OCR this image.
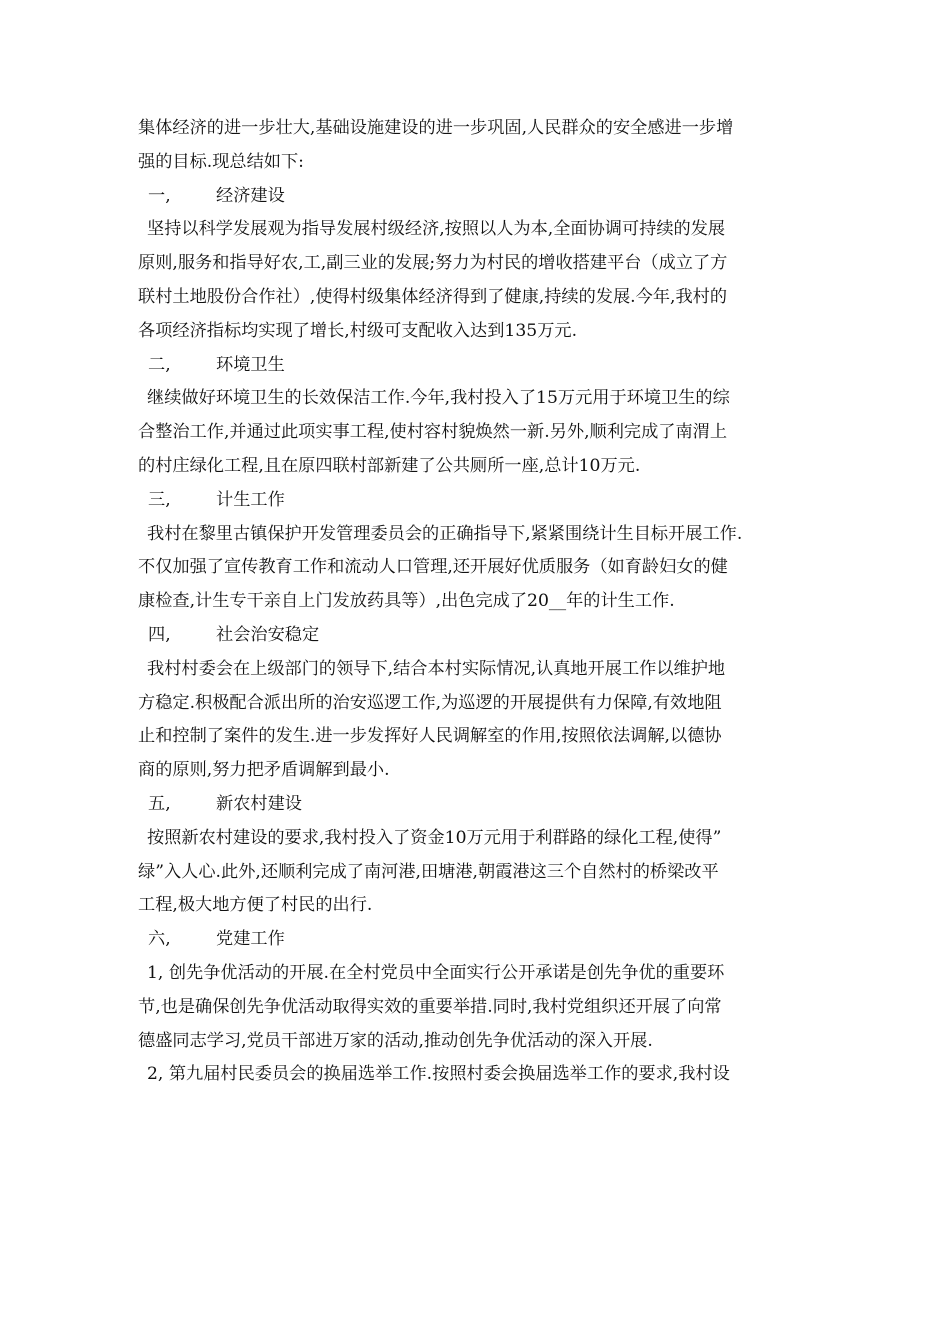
集体经济的进一步壮大,基础设施建设的进一步巩固,人民群众的安全感进一步增
强的目标.现总结如下:
一,	经济建设
坚持以科学发展观为指导发展村级经济,按照以人为本,全面协调可持续的发展
原则,服务和指导好农,工,副三业的发展;努力为村民的增收搭建平台（成立了方
联村土地股份合作社）,使得村级集体经济得到了健康,持续的发展.今年,我村的
各项经济指标均实现了增长,村级可支配收入达到135万元.
二,	环境卫生
继续做好环境卫生的长效保洁工作.今年,我村投入了15万元用于环境卫生的综
合整治工作,并通过此项实事工程,使村容村貌焕然一新.另外,顺利完成了南渭上
的村庄绿化工程,且在原四联村部新建了公共厕所一座,总计10万元.
三,	计生工作
我村在黎里古镇保护开发管理委员会的正确指导下,紧紧围绕计生目标开展工作.
不仅加强了宣传教育工作和流动人口管理,还开展好优质服务（如育龄妇女的健
康检查,计生专干亲自上门发放药具等）,出色完成了20__年的计生工作.
四,	社会治安稳定
我村村委会在上级部门的领导下,结合本村实际情况,认真地开展工作以维护地
方稳定.积极配合派出所的治安巡逻工作,为巡逻的开展提供有力保障,有效地阻
止和控制了案件的发生.进一步发挥好人民调解室的作用,按照依法调解,以德协
商的原则,努力把矛盾调解到最小.
五,	新农村建设
按照新农村建设的要求,我村投入了资金10万元用于利群路的绿化工程,使得”
绿”入人心.此外,还顺利完成了南河港,田塘港,朝霞港这三个自然村的桥梁改平
工程,极大地方便了村民的出行.
六,	党建工作
1, 创先争优活动的开展.在全村党员中全面实行公开承诺是创先争优的重要环
节,也是确保创先争优活动取得实效的重要举措.同时,我村党组织还开展了向常
德盛同志学习,党员干部进万家的活动,推动创先争优活动的深入开展.
2, 第九届村民委员会的换届选举工作.按照村委会换届选举工作的要求,我村设
